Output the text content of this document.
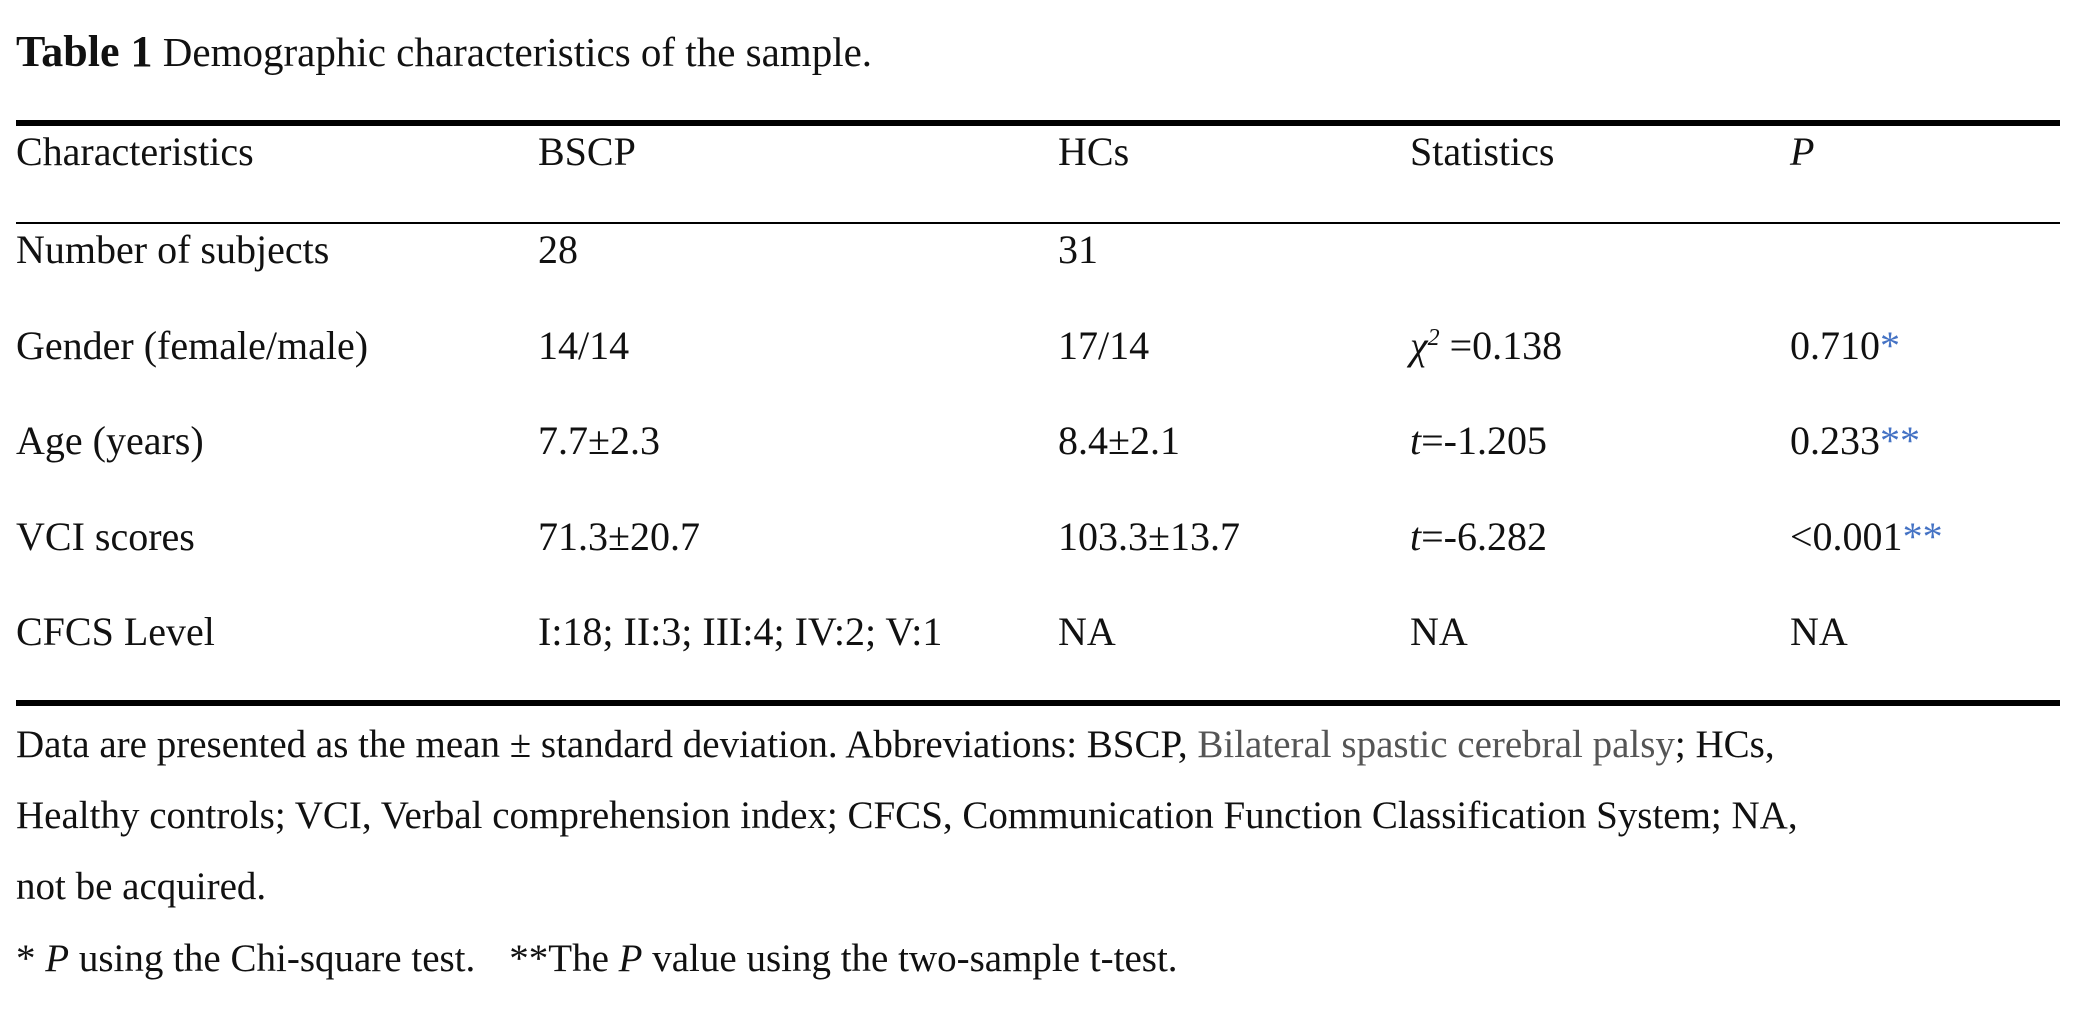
Table 1 Demographic characteristics of the sample.
Characteristics	BSCP	HCs	Statistics	P
Number of subjects	28	31
Gender (female/male)	14/14	17/14	$\chi^2 =0.138$	0.710*
Age (years)	7.7±2.3	8.4±2.1	t=-1.205	0.233**
VCI scores	71.3±20.7	103.3±13.7	t=-6.282	<0.001**
CFCS Level	I:18; II:3; III:4; IV:2; V:1	NA	NA	NA
Data are presented as the mean ± standard deviation. Abbreviations: BSCP, Bilateral spastic cerebral palsy; HCs,
Healthy controls; VCI, Verbal comprehension index; CFCS, Communication Function Classification System; NA,
not be acquired.
* P using the Chi-square test. **The P value using the two-sample t-test.
